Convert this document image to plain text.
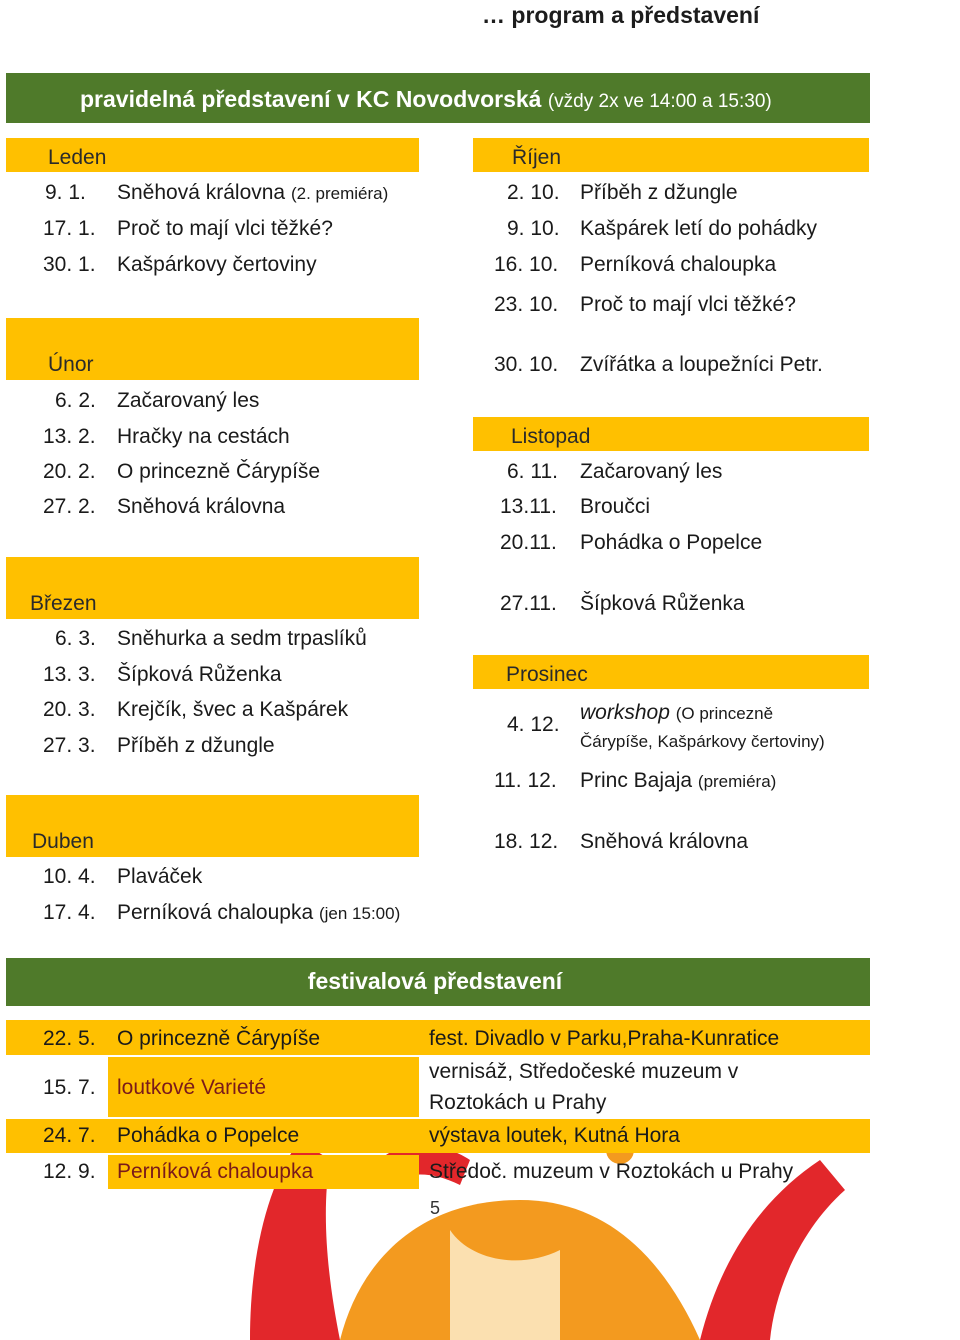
… program a představení
pravidelná představení v KC Novodvorská (vždy 2x ve 14:00 a 15:30)
Leden
9. 1. Sněhová královna (2. premiéra)
17. 1. Proč to mají vlci těžké?
30. 1. Kašpárkovy čertoviny
Únor
6. 2. Začarovaný les
13. 2. Hračky na cestách
20. 2. O princezně Čárypíše
27. 2. Sněhová královna
Březen
6. 3. Sněhurka a sedm trpaslíků
13. 3. Šípková Růženka
20. 3. Krejčík, švec a Kašpárek
27. 3. Příběh z džungle
Duben
10. 4. Plaváček
17. 4. Perníková chaloupka (jen 15:00)
Říjen
2. 10. Příběh z džungle
9. 10. Kašpárek letí do pohádky
16. 10. Perníková chaloupka
23. 10. Proč to mají vlci těžké?
30. 10. Zvířátka a loupežníci Petr.
Listopad
6. 11. Začarovaný les
13.11. Broučci
20.11. Pohádka o Popelce
27.11. Šípková Růženka
Prosinec
4. 12.
workshop (O princezně
Čárypíše, Kašpárkovy čertoviny)
11. 12. Princ Bajaja (premiéra)
18. 12. Sněhová královna
festivalová představení
22. 5. O princezně Čárypíše	fest. Divadlo v Parku,Praha-Kunratice
15. 7. loutkové Varieté
vernisáž, Středočeské muzeum v
Roztokách u Prahy
24. 7. Pohádka o Popelce	výstava loutek, Kutná Hora
12. 9. Perníková chaloupka	Středoč. muzeum v Roztokách u Prahy
5
